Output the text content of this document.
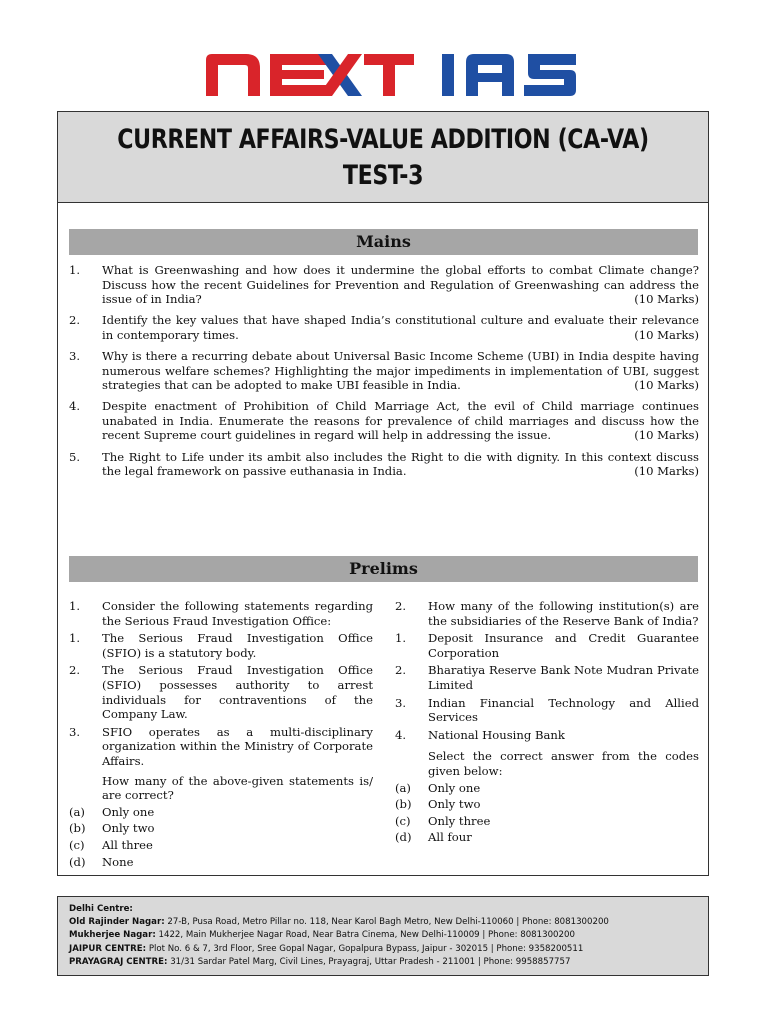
CURRENT AFFAIRS-VALUE ADDITION (CA-VA)
TEST-3
Mains
1. What is Greenwashing and how does it undermine the global efforts to combat Climate change? Discuss how the recent Guidelines for Prevention and Regulation of Greenwashing can address the issue of in India?	(10 Marks)
2. Identify the key values that have shaped India’s constitutional culture and evaluate their relevance in contemporary times.	(10 Marks)
3. Why is there a recurring debate about Universal Basic Income Scheme (UBI) in India despite having numerous welfare schemes? Highlighting the major impediments in implementation of UBI, suggest strategies that can be adopted to make UBI feasible in India.	(10 Marks)
4. Despite enactment of Prohibition of Child Marriage Act, the evil of Child marriage continues unabated in India. Enumerate the reasons for prevalence of child marriages and discuss how the recent Supreme court guidelines in regard will help in addressing the issue.	(10 Marks)
5. The Right to Life under its ambit also includes the Right to die with dignity. In this context discuss the legal framework on passive euthanasia in India.	(10 Marks)
Prelims
1. Consider the following statements regarding the Serious Fraud Investigation Office:
1. The Serious Fraud Investigation Office (SFIO) is a statutory body.
2. The Serious Fraud Investigation Office (SFIO) possesses authority to arrest individuals for contraventions of the Company Law.
3. SFIO operates as a multi-disciplinary organization within the Ministry of Corporate Affairs.
How many of the above-given statements is/ are correct?
(a) Only one
(b) Only two
(c) All three
(d) None
2. How many of the following institution(s) are the subsidiaries of the Reserve Bank of India?
1. Deposit Insurance and Credit Guarantee Corporation
2. Bharatiya Reserve Bank Note Mudran Private Limited
3. Indian Financial Technology and Allied Services
4. National Housing Bank
Select the correct answer from the codes given below:
(a) Only one
(b) Only two
(c) Only three
(d) All four
Delhi Centre:
Old Rajinder Nagar: 27-B, Pusa Road, Metro Pillar no. 118, Near Karol Bagh Metro, New Delhi-110060 | Phone: 8081300200
Mukherjee Nagar: 1422, Main Mukherjee Nagar Road, Near Batra Cinema, New Delhi-110009 | Phone: 8081300200
JAIPUR CENTRE: Plot No. 6 & 7, 3rd Floor, Sree Gopal Nagar, Gopalpura Bypass, Jaipur - 302015 | Phone: 9358200511
PRAYAGRAJ CENTRE: 31/31 Sardar Patel Marg, Civil Lines, Prayagraj, Uttar Pradesh - 211001 | Phone: 9958857757
